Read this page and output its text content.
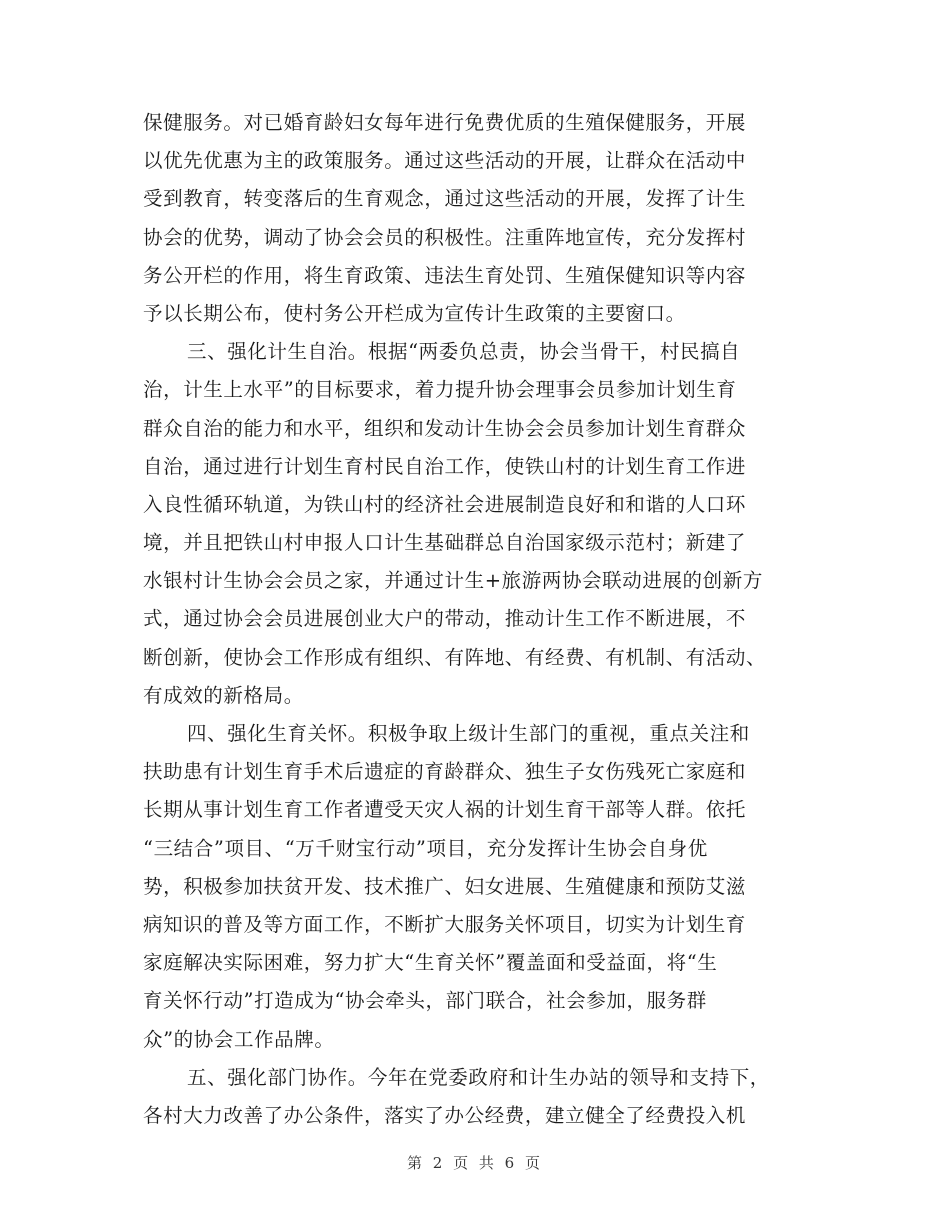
保健服务。对已婚育龄妇女每年进行免费优质的生殖保健服务，开展
以优先优惠为主的政策服务。通过这些活动的开展，让群众在活动中
受到教育，转变落后的生育观念，通过这些活动的开展，发挥了计生
协会的优势，调动了协会会员的积极性。注重阵地宣传，充分发挥村
务公开栏的作用，将生育政策、违法生育处罚、生殖保健知识等内容
予以长期公布，使村务公开栏成为宣传计生政策的主要窗口。
三、强化计生自治。根据“两委负总责，协会当骨干，村民搞自
治，计生上水平”的目标要求，着力提升协会理事会员参加计划生育
群众自治的能力和水平，组织和发动计生协会会员参加计划生育群众
自治，通过进行计划生育村民自治工作，使铁山村的计划生育工作进
入良性循环轨道，为铁山村的经济社会进展制造良好和和谐的人口环
境，并且把铁山村申报人口计生基础群总自治国家级示范村；新建了
水银村计生协会会员之家，并通过计生+旅游两协会联动进展的创新方
式，通过协会会员进展创业大户的带动，推动计生工作不断进展，不
断创新，使协会工作形成有组织、有阵地、有经费、有机制、有活动、
有成效的新格局。
四、强化生育关怀。积极争取上级计生部门的重视，重点关注和
扶助患有计划生育手术后遗症的育龄群众、独生子女伤残死亡家庭和
长期从事计划生育工作者遭受天灾人祸的计划生育干部等人群。依托
“三结合”项目、“万千财宝行动”项目，充分发挥计生协会自身优
势，积极参加扶贫开发、技术推广、妇女进展、生殖健康和预防艾滋
病知识的普及等方面工作，不断扩大服务关怀项目，切实为计划生育
家庭解决实际困难，努力扩大“生育关怀”覆盖面和受益面，将“生
育关怀行动”打造成为“协会牵头，部门联合，社会参加，服务群
众”的协会工作品牌。
五、强化部门协作。今年在党委政府和计生办站的领导和支持下，
各村大力改善了办公条件，落实了办公经费，建立健全了经费投入机
第 2 页 共 6 页
